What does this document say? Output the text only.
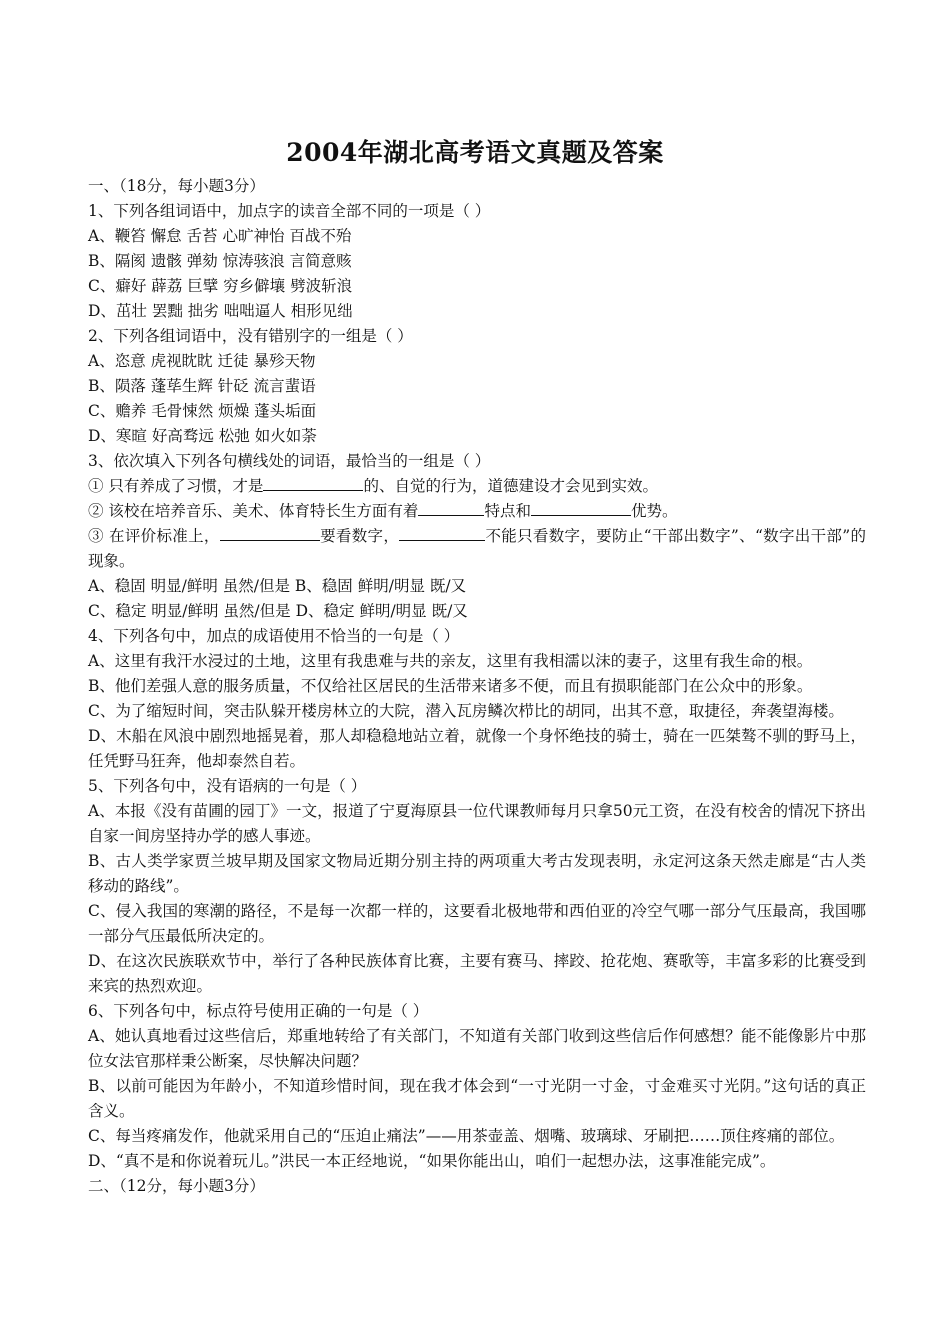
2004年湖北高考语文真题及答案
一、（18分，每小题3分）
1、下列各组词语中，加点字的读音全部不同的一项是（ ）
A、鞭笞 懈怠 舌苔 心旷神怡 百战不殆
B、隔阂 遗骸 弹劾 惊涛骇浪 言简意赅
C、癖好 薜荔 巨擘 穷乡僻壤 劈波斩浪
D、茁壮 罢黜 拙劣 咄咄逼人 相形见绌
2、下列各组词语中，没有错别字的一组是（ ）
A、恣意 虎视眈眈 迁徒 暴殄天物
B、陨落 蓬荜生辉 针砭 流言蜚语
C、赡养 毛骨悚然 烦燥 蓬头垢面
D、寒暄 好高骛远 松弛 如火如荼
3、依次填入下列各句横线处的词语，最恰当的一组是（ ）
① 只有养成了习惯，才是	的、自觉的行为，道德建设才会见到实效。
② 该校在培养音乐、美术、体育特长生方面有着	特点和	优势。
③ 在评价标准上，	要看数字，	不能只看数字，要防止“干部出数字”、“数字出干部”的现象。
A、稳固 明显/鲜明 虽然/但是 B、稳固 鲜明/明显 既/又
C、稳定 明显/鲜明 虽然/但是 D、稳定 鲜明/明显 既/又
4、下列各句中，加点的成语使用不恰当的一句是（ ）
A、这里有我汗水浸过的土地，这里有我患难与共的亲友，这里有我相濡以沫的妻子，这里有我生命的根。
B、他们差强人意的服务质量，不仅给社区居民的生活带来诸多不便，而且有损职能部门在公众中的形象。
C、为了缩短时间，突击队躲开楼房林立的大院，潜入瓦房鳞次栉比的胡同，出其不意，取捷径，奔袭望海楼。
D、木船在风浪中剧烈地摇晃着，那人却稳稳地站立着，就像一个身怀绝技的骑士，骑在一匹桀骜不驯的野马上，任凭野马狂奔，他却泰然自若。
5、下列各句中，没有语病的一句是（ ）
A、本报《没有苗圃的园丁》一文，报道了宁夏海原县一位代课教师每月只拿50元工资，在没有校舍的情况下挤出自家一间房坚持办学的感人事迹。
B、古人类学家贾兰坡早期及国家文物局近期分别主持的两项重大考古发现表明，永定河这条天然走廊是“古人类移动的路线”。
C、侵入我国的寒潮的路径，不是每一次都一样的，这要看北极地带和西伯亚的冷空气哪一部分气压最高，我国哪一部分气压最低所决定的。
D、在这次民族联欢节中，举行了各种民族体育比赛，主要有赛马、摔跤、抢花炮、赛歌等，丰富多彩的比赛受到来宾的热烈欢迎。
6、下列各句中，标点符号使用正确的一句是（ ）
A、她认真地看过这些信后，郑重地转给了有关部门，不知道有关部门收到这些信后作何感想？能不能像影片中那位女法官那样秉公断案，尽快解决问题？
B、以前可能因为年龄小，不知道珍惜时间，现在我才体会到“一寸光阴一寸金，寸金难买寸光阴。”这句话的真正含义。
C、每当疼痛发作，他就采用自己的“压迫止痛法”——用茶壶盖、烟嘴、玻璃球、牙刷把……顶住疼痛的部位。
D、“真不是和你说着玩儿。”洪民一本正经地说，“如果你能出山，咱们一起想办法，这事准能完成”。
二、（12分，每小题3分）
